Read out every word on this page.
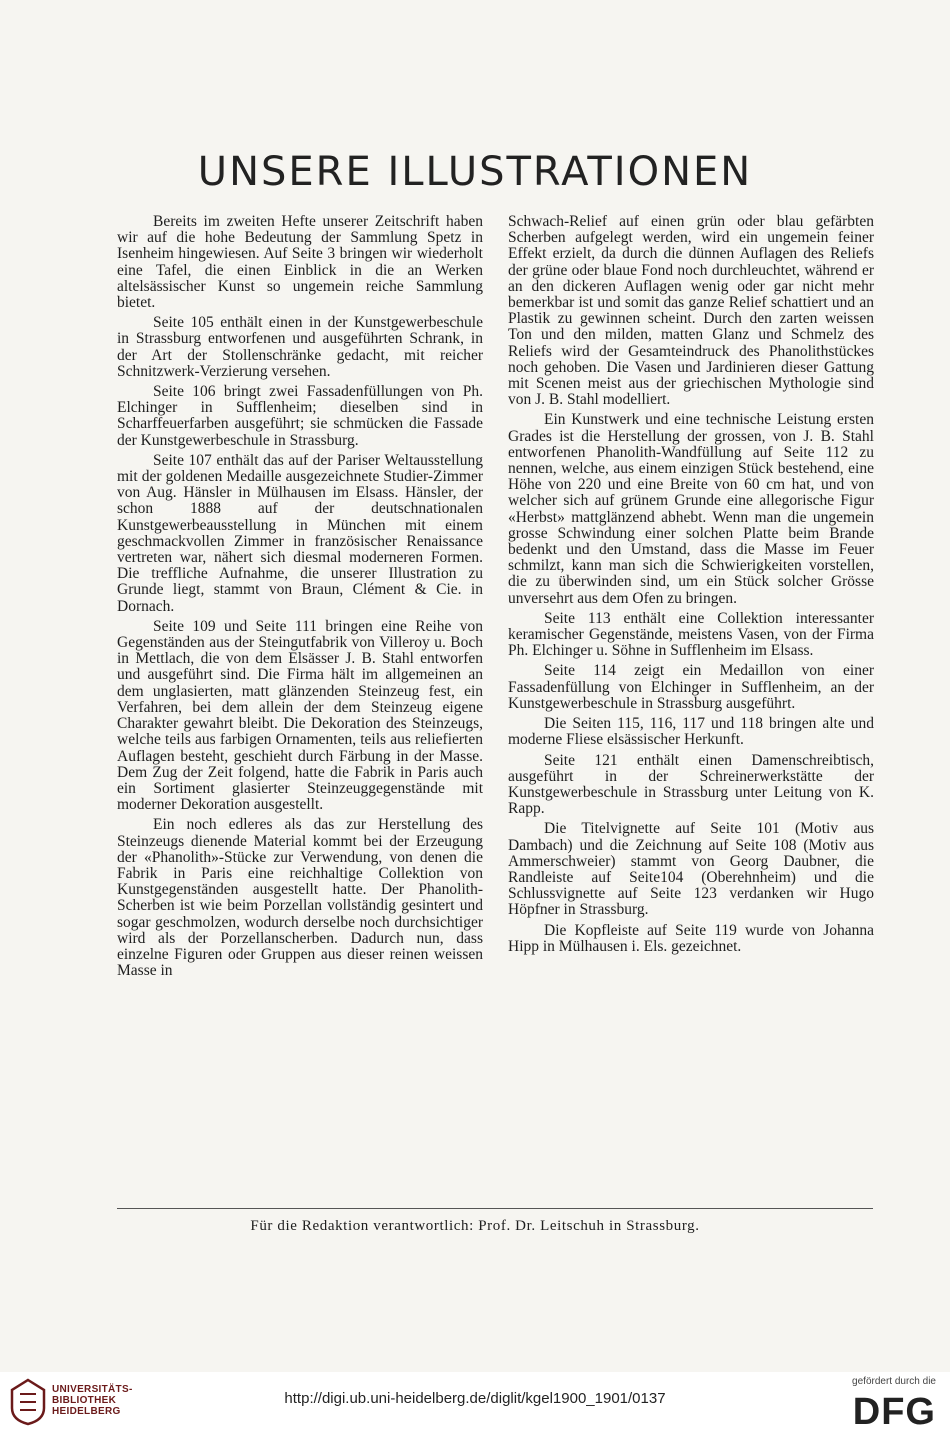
UNSERE ILLUSTRATIONEN

Bereits im zweiten Hefte unserer Zeitschrift haben wir auf die hohe Bedeutung der Sammlung Spetz in Isenheim hingewiesen. Auf Seite 3 bringen wir wiederholt eine Tafel, die einen Einblick in die an Werken altelsässischer Kunst so ungemein reiche Sammlung bietet.

Seite 105 enthält einen in der Kunstgewerbeschule in Strassburg entworfenen und ausgeführten Schrank, in der Art der Stollenschränke gedacht, mit reicher Schnitzwerk-Verzierung versehen.

Seite 106 bringt zwei Fassadenfüllungen von Ph. Elchinger in Sufflenheim; dieselben sind in Scharffeuerfarben ausgeführt; sie schmücken die Fassade der Kunstgewerbeschule in Strassburg.

Seite 107 enthält das auf der Pariser Weltausstellung mit der goldenen Medaille ausgezeichnete Studier-Zimmer von Aug. Hänsler in Mülhausen im Elsass. Hänsler, der schon 1888 auf der deutschnationalen Kunstgewerbeausstellung in München mit einem geschmackvollen Zimmer in französischer Renaissance vertreten war, nähert sich diesmal moderneren Formen. Die treffliche Aufnahme, die unserer Illustration zu Grunde liegt, stammt von Braun, Clément & Cie. in Dornach.

Seite 109 und Seite 111 bringen eine Reihe von Gegenständen aus der Steingutfabrik von Villeroy u. Boch in Mettlach, die von dem Elsässer J. B. Stahl entworfen und ausgeführt sind. Die Firma hält im allgemeinen an dem unglasierten, matt glänzenden Steinzeug fest, ein Verfahren, bei dem allein der dem Steinzeug eigene Charakter gewahrt bleibt. Die Dekoration des Steinzeugs, welche teils aus farbigen Ornamenten, teils aus reliefierten Auflagen besteht, geschieht durch Färbung in der Masse. Dem Zug der Zeit folgend, hatte die Fabrik in Paris auch ein Sortiment glasierter Steinzeuggegenstände mit moderner Dekoration ausgestellt.

Ein noch edleres als das zur Herstellung des Steinzeugs dienende Material kommt bei der Erzeugung der «Phanolith»-Stücke zur Verwendung, von denen die Fabrik in Paris eine reichhaltige Collektion von Kunstgegenständen ausgestellt hatte. Der Phanolith-Scherben ist wie beim Porzellan vollständig gesintert und sogar geschmolzen, wodurch derselbe noch durchsichtiger wird als der Porzellanscherben. Dadurch nun, dass einzelne Figuren oder Gruppen aus dieser reinen weissen Masse in

Schwach-Relief auf einen grün oder blau gefärbten Scherben aufgelegt werden, wird ein ungemein feiner Effekt erzielt, da durch die dünnen Auflagen des Reliefs der grüne oder blaue Fond noch durchleuchtet, während er an den dickeren Auflagen wenig oder gar nicht mehr bemerkbar ist und somit das ganze Relief schattiert und an Plastik zu gewinnen scheint. Durch den zarten weissen Ton und den milden, matten Glanz und Schmelz des Reliefs wird der Gesamteindruck des Phanolithstückes noch gehoben. Die Vasen und Jardinieren dieser Gattung mit Scenen meist aus der griechischen Mythologie sind von J. B. Stahl modelliert.

Ein Kunstwerk und eine technische Leistung ersten Grades ist die Herstellung der grossen, von J. B. Stahl entworfenen Phanolith-Wandfüllung auf Seite 112 zu nennen, welche, aus einem einzigen Stück bestehend, eine Höhe von 220 und eine Breite von 60 cm hat, und von welcher sich auf grünem Grunde eine allegorische Figur «Herbst» mattglänzend abhebt. Wenn man die ungemein grosse Schwindung einer solchen Platte beim Brande bedenkt und den Umstand, dass die Masse im Feuer schmilzt, kann man sich die Schwierigkeiten vorstellen, die zu überwinden sind, um ein Stück solcher Grösse unversehrt aus dem Ofen zu bringen.

Seite 113 enthält eine Collektion interessanter keramischer Gegenstände, meistens Vasen, von der Firma Ph. Elchinger u. Söhne in Sufflenheim im Elsass.

Seite 114 zeigt ein Medaillon von einer Fassadenfüllung von Elchinger in Sufflenheim, an der Kunstgewerbeschule in Strassburg ausgeführt.

Die Seiten 115, 116, 117 und 118 bringen alte und moderne Fliese elsässischer Herkunft.

Seite 121 enthält einen Damenschreibtisch, ausgeführt in der Schreinerwerkstätte der Kunstgewerbeschule in Strassburg unter Leitung von K. Rapp.

Die Titelvignette auf Seite 101 (Motiv aus Dambach) und die Zeichnung auf Seite 108 (Motiv aus Ammerschweier) stammt von Georg Daubner, die Randleiste auf Seite104 (Oberehnheim) und die Schlussvignette auf Seite 123 verdanken wir Hugo Höpfner in Strassburg.

Die Kopfleiste auf Seite 119 wurde von Johanna Hipp in Mülhausen i. Els. gezeichnet.

Für die Redaktion verantwortlich: Prof. Dr. Leitschuh in Strassburg.
UNIVERSITÄTS-
BIBLIOTHEK
HEIDELBERG
http://digi.ub.uni-heidelberg.de/diglit/kgel1900_1901/0137
gefördert durch die
DFG
